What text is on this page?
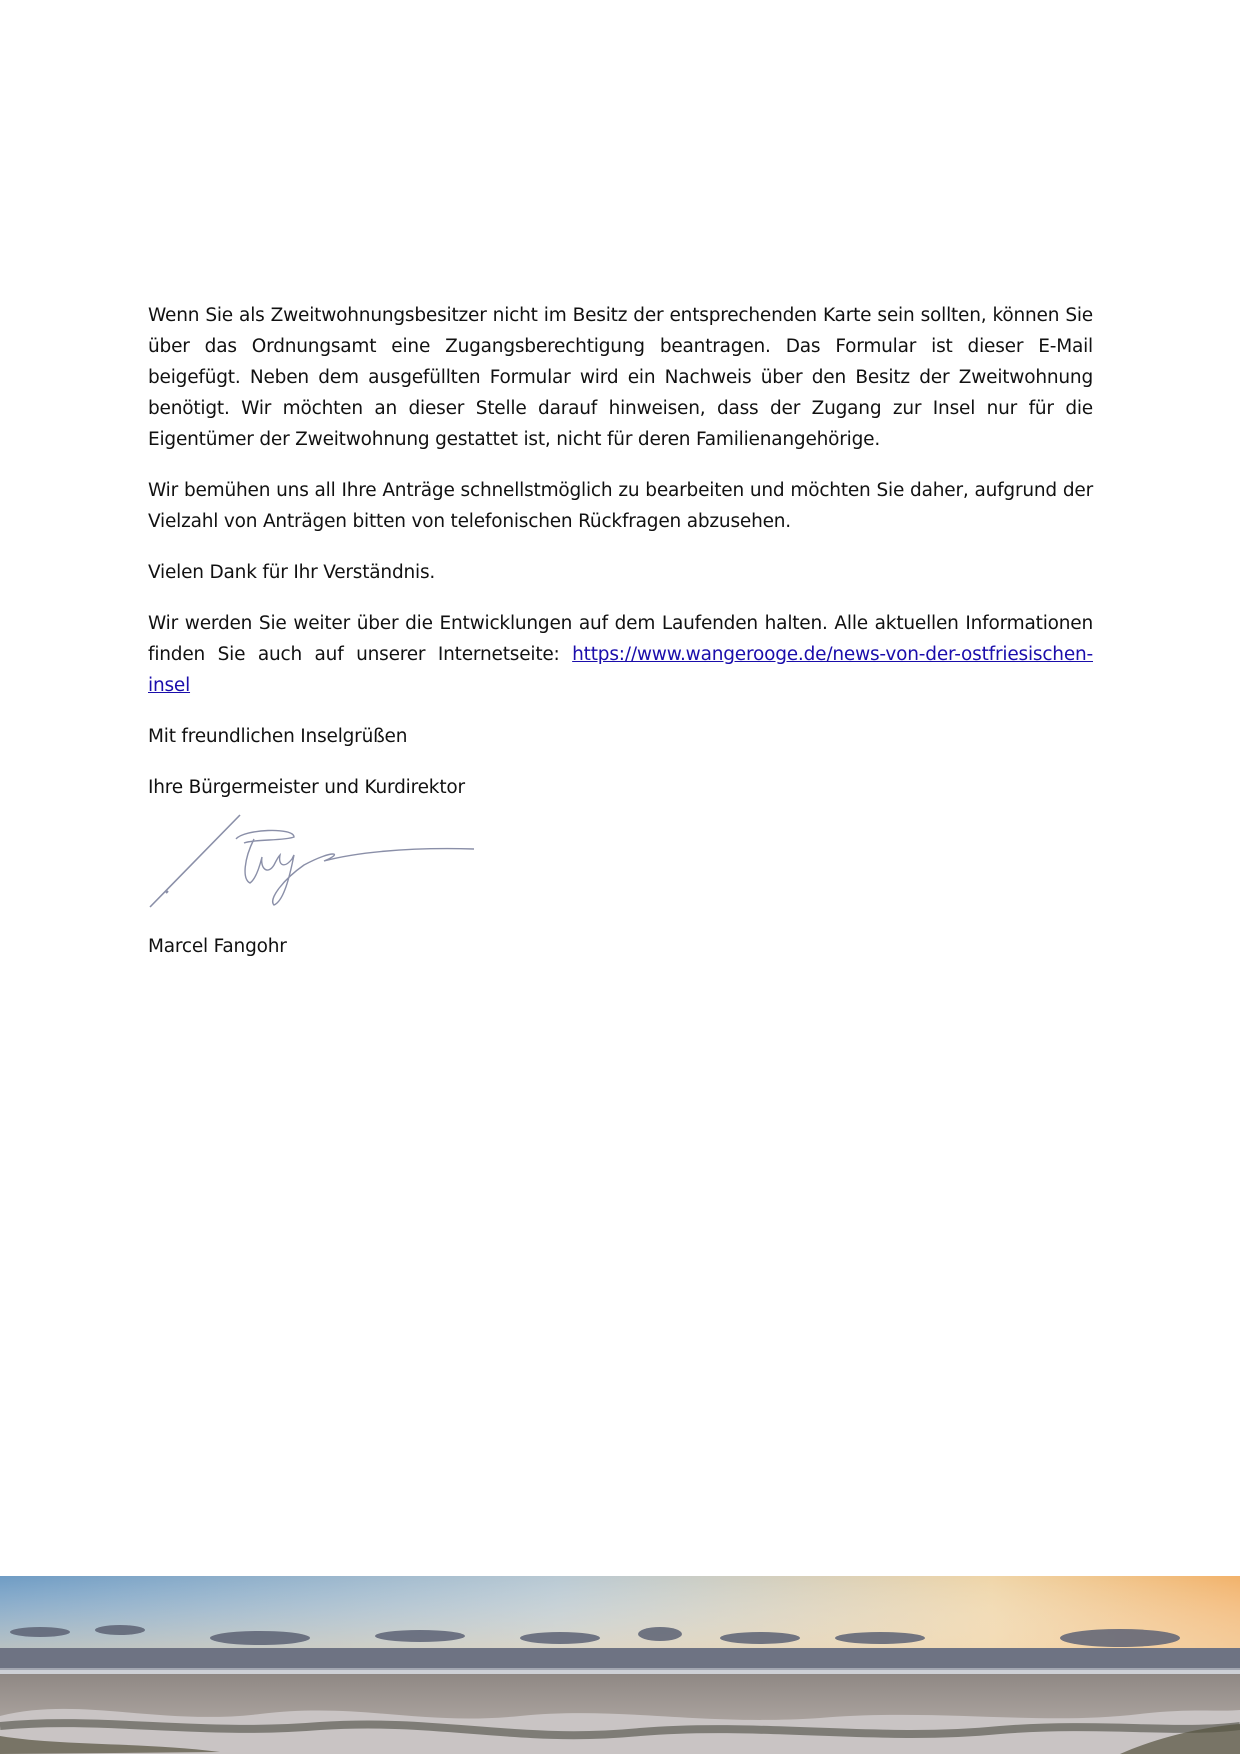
Wenn Sie als Zweitwohnungsbesitzer nicht im Besitz der entsprechenden Karte sein sollten, können Sie über das Ordnungsamt eine Zugangsberechtigung beantragen. Das Formular ist dieser E-Mail beigefügt. Neben dem ausgefüllten Formular wird ein Nachweis über den Besitz der Zweitwohnung benötigt. Wir möchten an dieser Stelle darauf hinweisen, dass der Zugang zur Insel nur für die Eigentümer der Zweitwohnung gestattet ist, nicht für deren Familienangehörige.

Wir bemühen uns all Ihre Anträge schnellstmöglich zu bearbeiten und möchten Sie daher, aufgrund der Vielzahl von Anträgen bitten von telefonischen Rückfragen abzusehen.

Vielen Dank für Ihr Verständnis.

Wir werden Sie weiter über die Entwicklungen auf dem Laufenden halten. Alle aktuellen Informationen finden Sie auch auf unserer Internetseite: https://www.wangerooge.de/news-von-der-ostfriesischen-insel

Mit freundlichen Inselgrüßen

Ihre Bürgermeister und Kurdirektor

Marcel Fangohr
